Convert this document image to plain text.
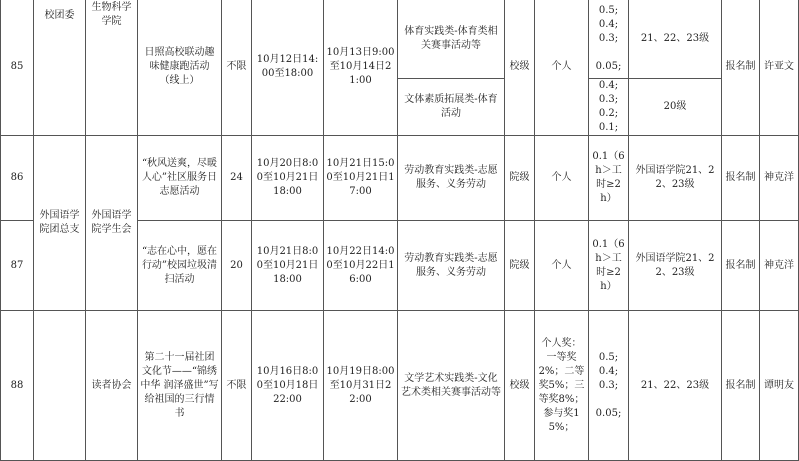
85	校团委	生物科学学院	日照高校联动趣味健康跑活动（线上）	不限	10月12日14:00至18:00	10月13日9:00至10月14日21:00	体育实践类-体育类相关赛事活动等	校级	个人	0.5;
0.4;
0.3;
0.05;	21、22、23级	报名制	许亚文
							文体素质拓展类-体育活动			0.4;
0.3;
0.2;
0.1;	20级		
86	外国语学院团总支	外国语学院学生会	“秋风送爽，尽暖人心”社区服务日志愿活动	24	10月20日8:00至10月21日18:00	10月21日15:00至10月21日17:00	劳动教育实践类-志愿服务、义务劳动	院级	个人	0.1（6h＞工时≥2h）	外国语学院21、22、23级	报名制	神克洋
87			“志在心中，愿在行动”校园垃圾清扫活动	20	10月21日8:00至10月21日18:00	10月22日14:00至10月22日16:00	劳动教育实践类-志愿服务、义务劳动	院级	个人	0.1（6h＞工时≥2h）	外国语学院21、22、23级	报名制	神克洋
88		读者协会	第二十一届社团文化节——“锦绣中华 润泽盛世”写给祖国的三行情书	不限	10月16日8:00至10月18日22:00	10月19日8:00至10月31日22:00	文学艺术实践类-文化艺术类相关赛事活动等	校级	个人奖：一等奖2%；二等奖5%；三等奖8%；参与奖15%；	0.5;
0.4;
0.3;
0.05;	21、22、23级	报名制	谭明友
